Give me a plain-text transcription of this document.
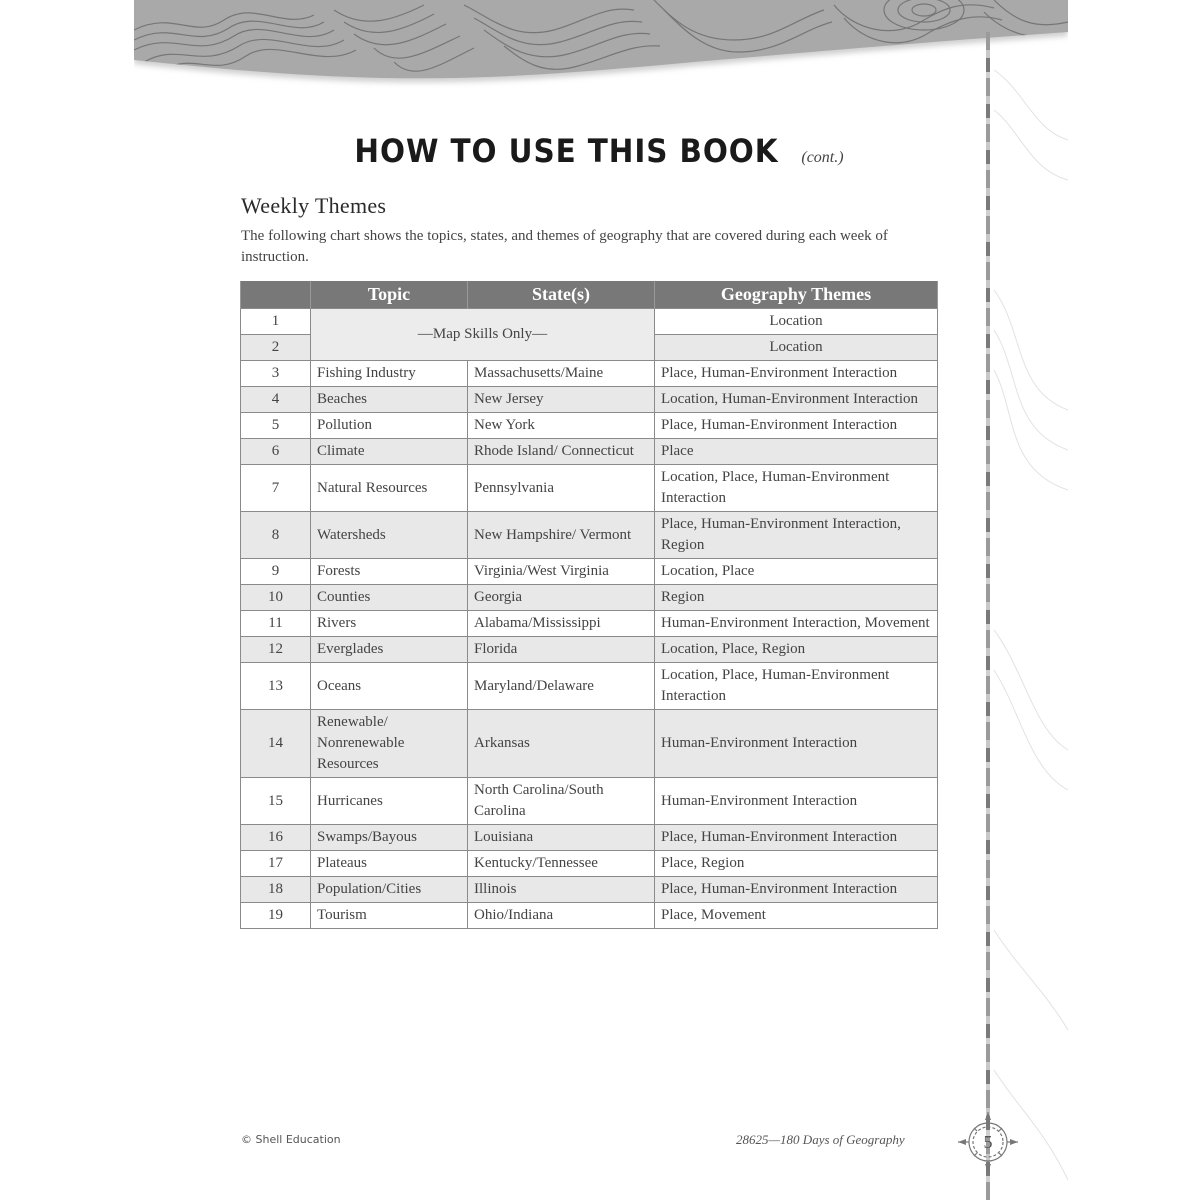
HOW TO USE THIS BOOK (cont.)
Weekly Themes
The following chart shows the topics, states, and themes of geography that are covered during each week of instruction.
	Topic	State(s)	Geography Themes
1	—Map Skills Only—		Location
2			Location
3	Fishing Industry	Massachusetts/Maine	Place, Human-Environment Interaction
4	Beaches	New Jersey	Location, Human-Environment Interaction
5	Pollution	New York	Place, Human-Environment Interaction
6	Climate	Rhode Island/ Connecticut	Place
7	Natural Resources	Pennsylvania	Location, Place, Human-Environment Interaction
8	Watersheds	New Hampshire/ Vermont	Place, Human-Environment Interaction, Region
9	Forests	Virginia/West Virginia	Location, Place
10	Counties	Georgia	Region
11	Rivers	Alabama/Mississippi	Human-Environment Interaction, Movement
12	Everglades	Florida	Location, Place, Region
13	Oceans	Maryland/Delaware	Location, Place, Human-Environment Interaction
14	Renewable/ Nonrenewable Resources	Arkansas	Human-Environment Interaction
15	Hurricanes	North Carolina/South Carolina	Human-Environment Interaction
16	Swamps/Bayous	Louisiana	Place, Human-Environment Interaction
17	Plateaus	Kentucky/Tennessee	Place, Region
18	Population/Cities	Illinois	Place, Human-Environment Interaction
19	Tourism	Ohio/Indiana	Place, Movement
© Shell Education	28625—180 Days of Geography	5
